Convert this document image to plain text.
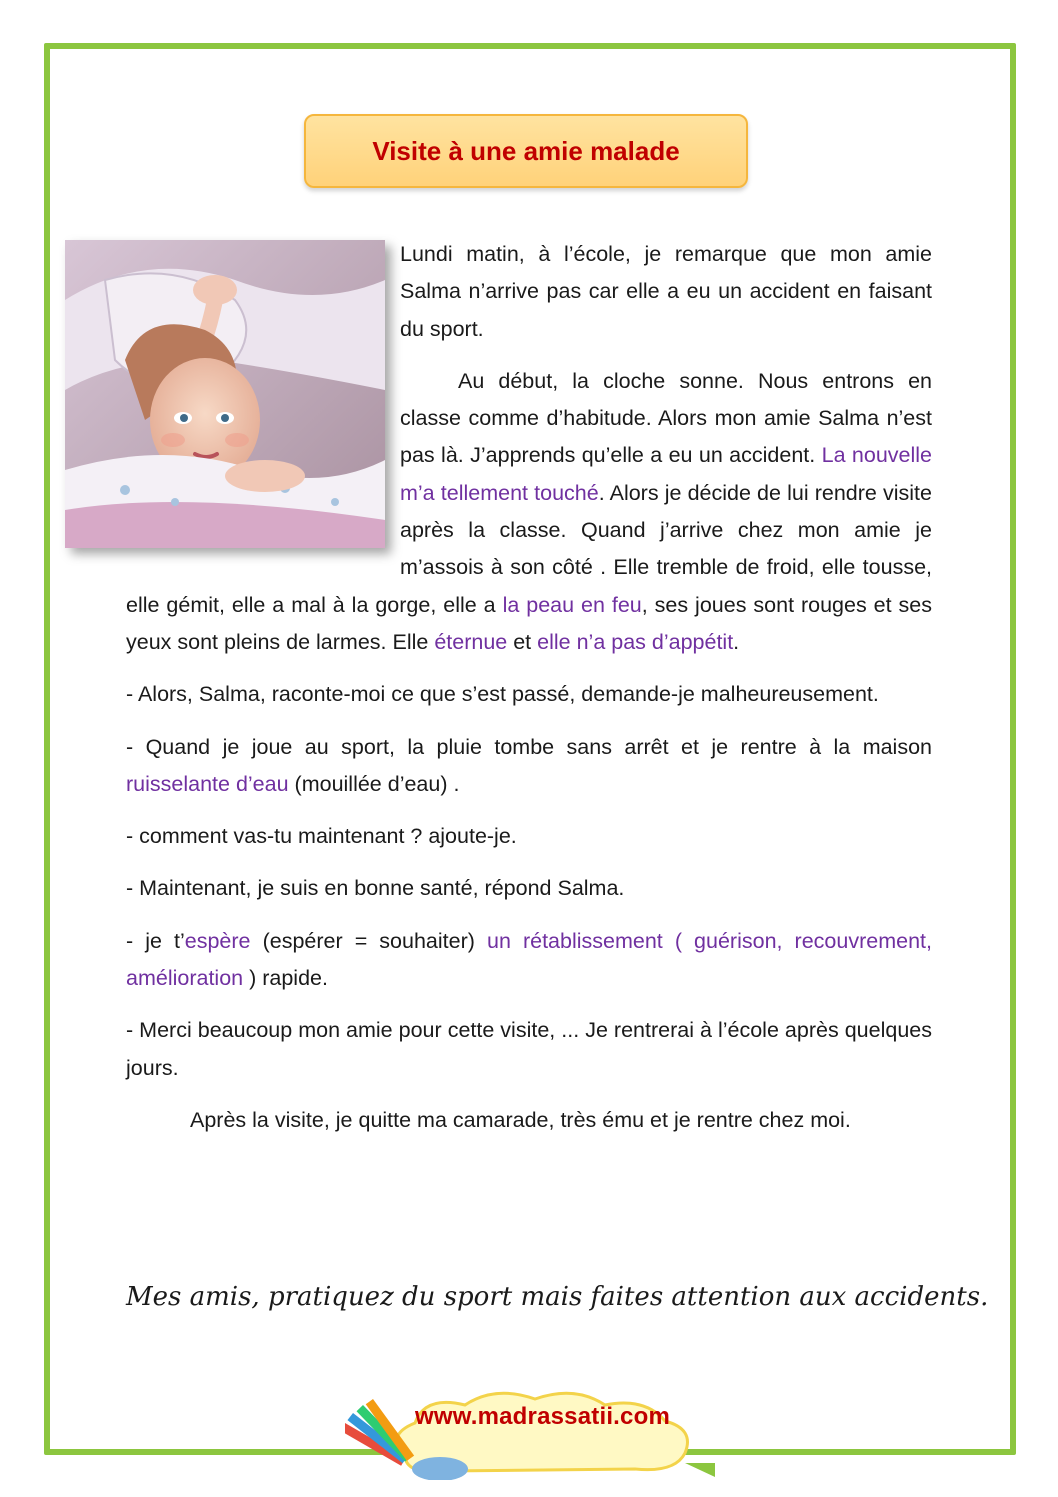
Visite à une amie malade

Lundi matin, à l’école, je remarque que mon amie Salma n’arrive pas car elle a eu un accident en faisant du sport.

Au début, la cloche sonne. Nous entrons en classe comme d’habitude. Alors mon amie Salma n’est pas là. J’apprends qu’elle a eu un accident. La nouvelle m’a tellement touché. Alors je décide de lui rendre visite après la classe. Quand j’arrive chez mon amie je m’assois à son côté . Elle tremble de froid, elle tousse, elle gémit, elle a mal à la gorge, elle a la peau en feu, ses joues sont rouges et ses yeux sont pleins de larmes. Elle éternue et elle n’a pas d’appétit.

- Alors, Salma, raconte-moi ce que s’est passé, demande-je malheureusement.

- Quand je joue au sport, la pluie tombe sans arrêt et je rentre à la maison ruisselante d’eau (mouillée d’eau) .

- comment vas-tu maintenant ? ajoute-je.

- Maintenant, je suis en bonne santé, répond Salma.

- je t’espère (espérer = souhaiter) un rétablissement ( guérison, recouvrement, amélioration ) rapide.

- Merci beaucoup mon amie pour cette visite, ... Je rentrerai à l’école après quelques jours.

Après la visite, je quitte ma camarade, très ému et je rentre chez moi.

Mes amis, pratiquez du sport mais faites attention aux accidents.
www.madrassatii.com
